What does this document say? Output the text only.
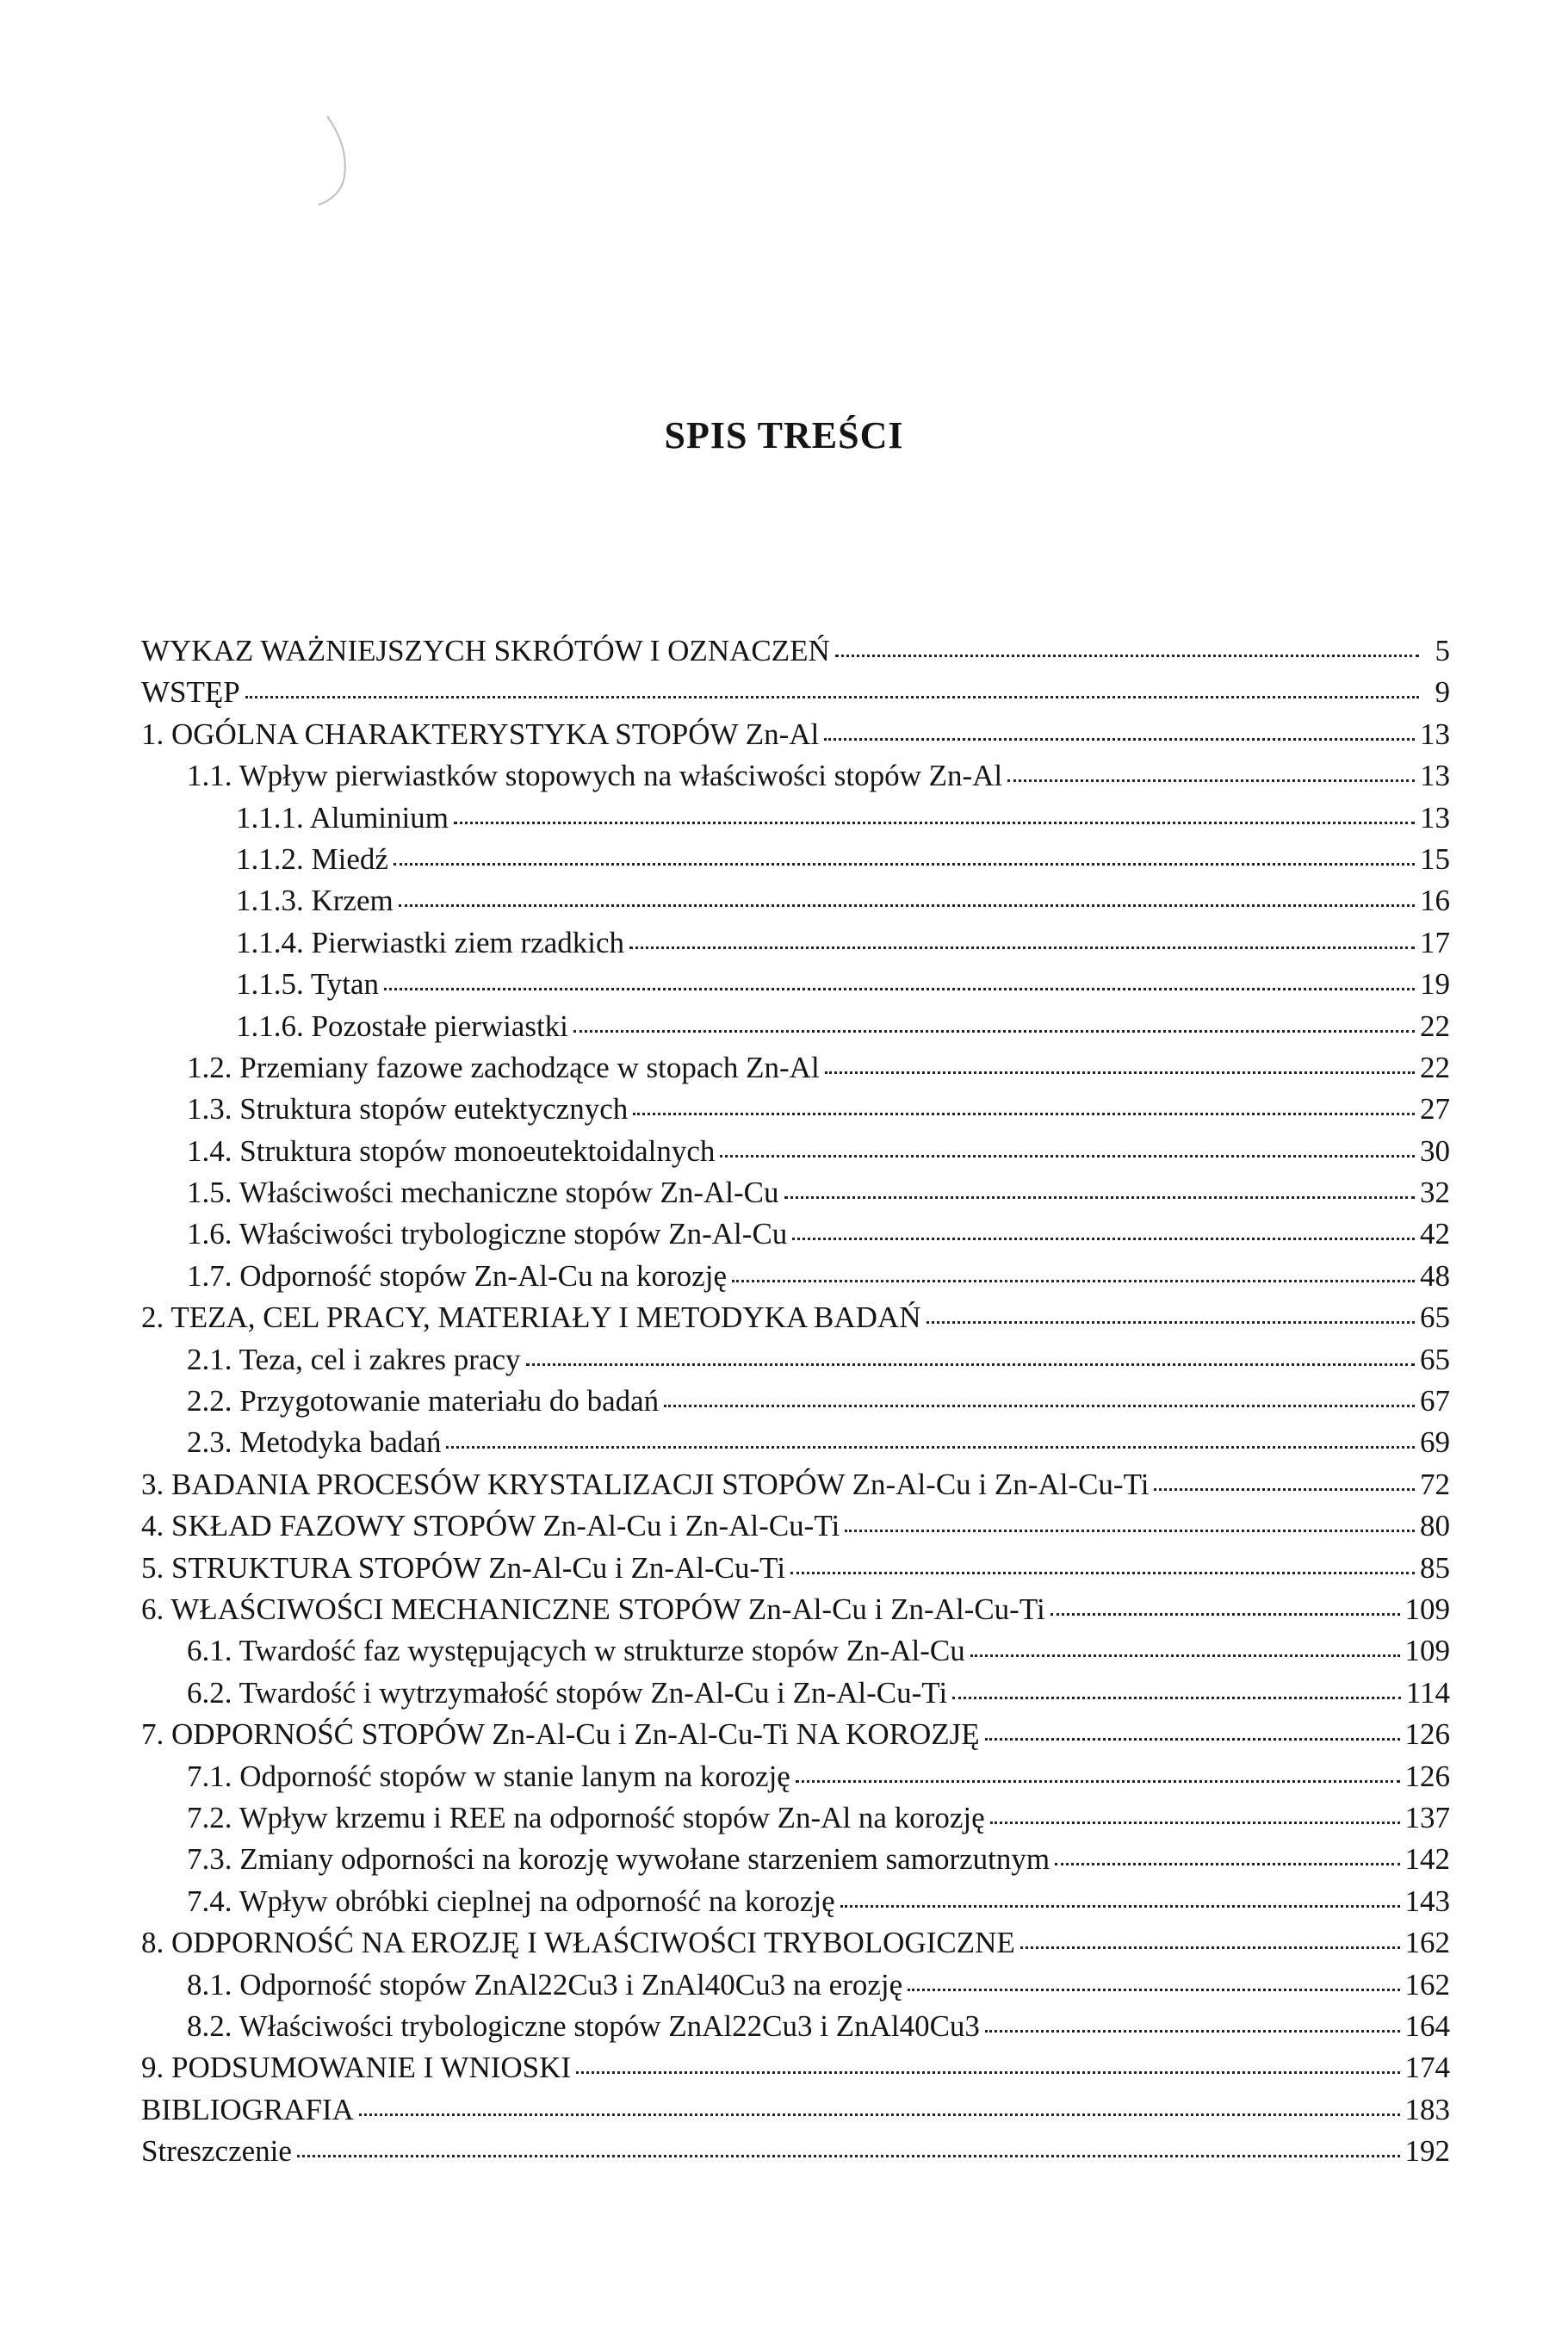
SPIS TREŚCI
WYKAZ WAŻNIEJSZYCH SKRÓTÓW I OZNACZEŃ	5
WSTĘP	9
1. OGÓLNA CHARAKTERYSTYKA STOPÓW Zn-Al	13
1.1. Wpływ pierwiastków stopowych na właściwości stopów Zn-Al	13
1.1.1. Aluminium	13
1.1.2. Miedź	15
1.1.3. Krzem	16
1.1.4. Pierwiastki ziem rzadkich	17
1.1.5. Tytan	19
1.1.6. Pozostałe pierwiastki	22
1.2. Przemiany fazowe zachodzące w stopach Zn-Al	22
1.3. Struktura stopów eutektycznych	27
1.4. Struktura stopów monoeutektoidalnych	30
1.5. Właściwości mechaniczne stopów Zn-Al-Cu	32
1.6. Właściwości trybologiczne stopów Zn-Al-Cu	42
1.7. Odporność stopów Zn-Al-Cu na korozję	48
2. TEZA, CEL PRACY, MATERIAŁY I METODYKA BADAŃ	65
2.1. Teza, cel i zakres pracy	65
2.2. Przygotowanie materiału do badań	67
2.3. Metodyka badań	69
3. BADANIA PROCESÓW KRYSTALIZACJI STOPÓW Zn-Al-Cu i Zn-Al-Cu-Ti	72
4. SKŁAD FAZOWY STOPÓW Zn-Al-Cu i Zn-Al-Cu-Ti	80
5. STRUKTURA STOPÓW Zn-Al-Cu i Zn-Al-Cu-Ti	85
6. WŁAŚCIWOŚCI MECHANICZNE STOPÓW Zn-Al-Cu i Zn-Al-Cu-Ti	109
6.1. Twardość faz występujących w strukturze stopów Zn-Al-Cu	109
6.2. Twardość i wytrzymałość stopów Zn-Al-Cu i Zn-Al-Cu-Ti	114
7. ODPORNOŚĆ STOPÓW Zn-Al-Cu i Zn-Al-Cu-Ti NA KOROZJĘ	126
7.1. Odporność stopów w stanie lanym na korozję	126
7.2. Wpływ krzemu i REE na odporność stopów Zn-Al na korozję	137
7.3. Zmiany odporności na korozję wywołane starzeniem samorzutnym	142
7.4. Wpływ obróbki cieplnej na odporność na korozję	143
8. ODPORNOŚĆ NA EROZJĘ I WŁAŚCIWOŚCI TRYBOLOGICZNE	162
8.1. Odporność stopów ZnAl22Cu3 i ZnAl40Cu3 na erozję	162
8.2. Właściwości trybologiczne stopów ZnAl22Cu3 i ZnAl40Cu3	164
9. PODSUMOWANIE I WNIOSKI	174
BIBLIOGRAFIA	183
Streszczenie	192
